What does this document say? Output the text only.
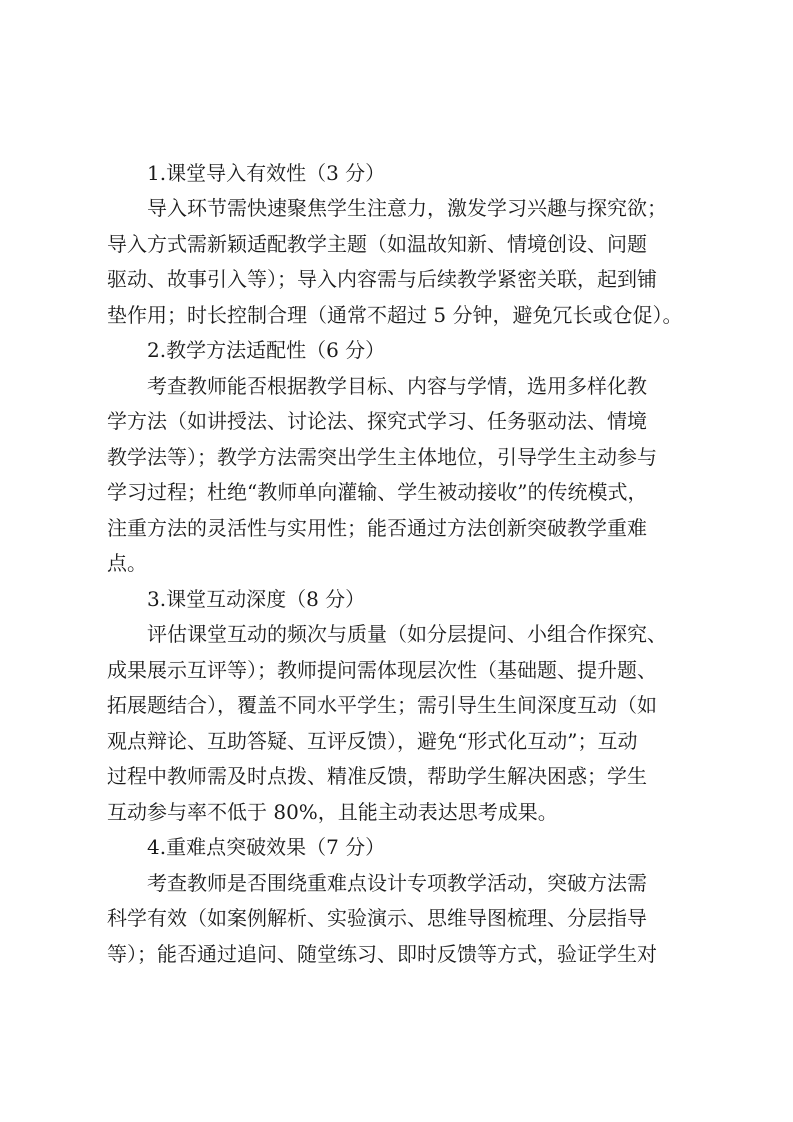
1.课堂导入有效性（3 分）
导入环节需快速聚焦学生注意力，激发学习兴趣与探究欲；
导入方式需新颖适配教学主题（如温故知新、情境创设、问题
驱动、故事引入等）；导入内容需与后续教学紧密关联，起到铺
垫作用；时长控制合理（通常不超过 5 分钟，避免冗长或仓促）。
2.教学方法适配性（6 分）
考查教师能否根据教学目标、内容与学情，选用多样化教
学方法（如讲授法、讨论法、探究式学习、任务驱动法、情境
教学法等）；教学方法需突出学生主体地位，引导学生主动参与
学习过程；杜绝“教师单向灌输、学生被动接收”的传统模式，
注重方法的灵活性与实用性；能否通过方法创新突破教学重难
点。
3.课堂互动深度（8 分）
评估课堂互动的频次与质量（如分层提问、小组合作探究、
成果展示互评等）；教师提问需体现层次性（基础题、提升题、
拓展题结合），覆盖不同水平学生；需引导生生间深度互动（如
观点辩论、互助答疑、互评反馈），避免“形式化互动”；互动
过程中教师需及时点拨、精准反馈，帮助学生解决困惑；学生
互动参与率不低于 80%，且能主动表达思考成果。
4.重难点突破效果（7 分）
考查教师是否围绕重难点设计专项教学活动，突破方法需
科学有效（如案例解析、实验演示、思维导图梳理、分层指导
等）；能否通过追问、随堂练习、即时反馈等方式，验证学生对
